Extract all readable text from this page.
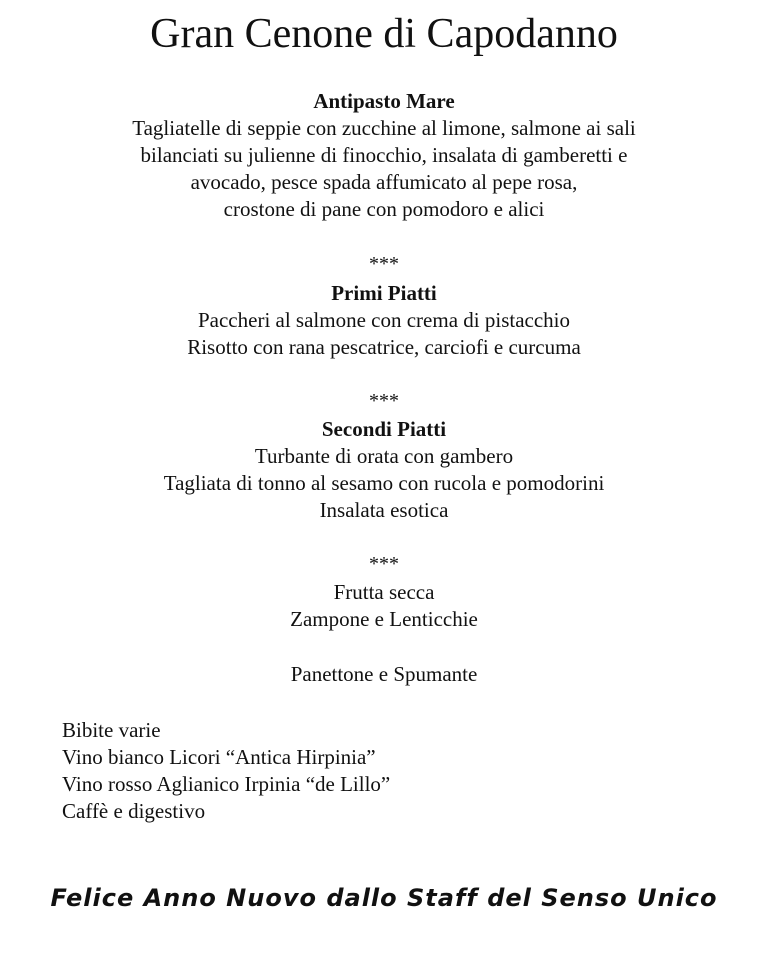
Gran Cenone di Capodanno
Antipasto Mare
Tagliatelle di seppie con zucchine al limone, salmone ai sali
bilanciati su julienne di finocchio, insalata di gamberetti e
avocado, pesce spada affumicato al pepe rosa,
crostone di pane con pomodoro e alici
***
Primi Piatti
Paccheri al salmone con crema di pistacchio
Risotto con rana pescatrice, carciofi e curcuma
***
Secondi Piatti
Turbante di orata con gambero
Tagliata di tonno al sesamo con rucola e pomodorini
Insalata esotica
***
Frutta secca
Zampone e Lenticchie
Panettone e Spumante
Bibite varie
Vino bianco Licori “Antica Hirpinia”
Vino rosso Aglianico Irpinia “de Lillo”
Caffè e digestivo
Felice Anno Nuovo dallo Staff del Senso Unico
